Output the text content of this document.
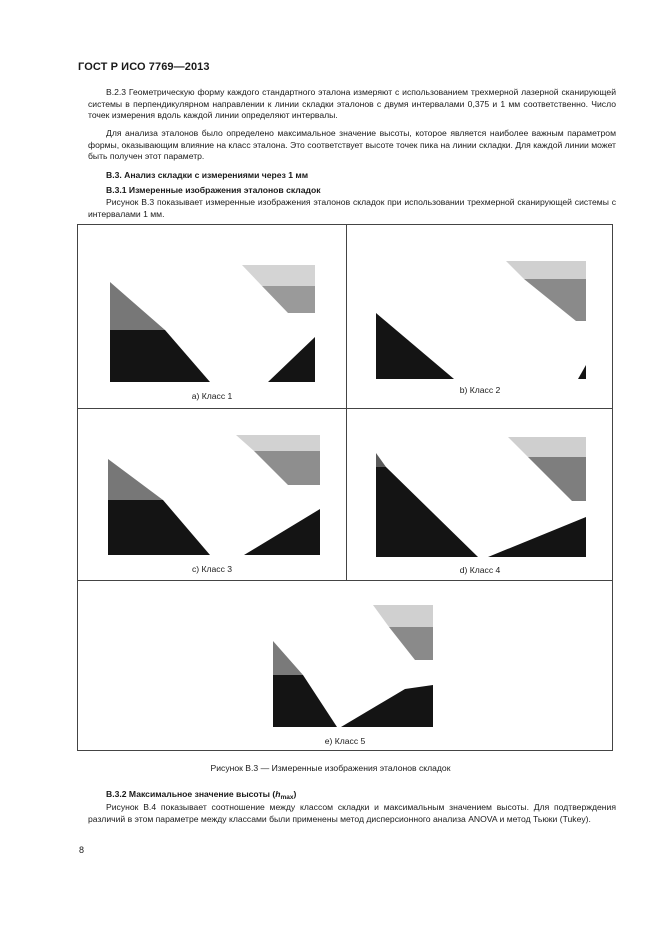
ГОСТ Р ИСО 7769—2013

В.2.3 Геометрическую форму каждого стандартного эталона измеряют с использованием трехмерной лазерной сканирующей системы в перпендикулярном направлении к линии складки эталонов с двумя интервалами 0,375 и 1 мм соответственно. Число точек измерения вдоль каждой линии определяют интервалы.

Для анализа эталонов было определено максимальное значение высоты, которое является наиболее важным параметром формы, оказывающим влияние на класс эталона. Это соответствует высоте точек пика на линии складки. Для каждой линии может быть получен этот параметр.

В.3. Анализ складки с измерениями через 1 мм
В.3.1 Измеренные изображения эталонов складок

Рисунок В.3 показывает измеренные изображения эталонов складок при использовании трехмерной сканирующей системы с интервалами 1 мм.

a) Класс 1
b) Класс 2
c) Класс 3	d) Класс 4
e) Класс 5
Рисунок В.3 — Измеренные изображения эталонов складок
В.3.2 Максимальное значение высоты $(h_{max})$

Рисунок В.4 показывает соотношение между классом складки и максимальным значением высоты. Для подтверждения различий в этом параметре между классами были применены метод дисперсионного анализа ANOVA и метод Тьюки (Tukey).

8
